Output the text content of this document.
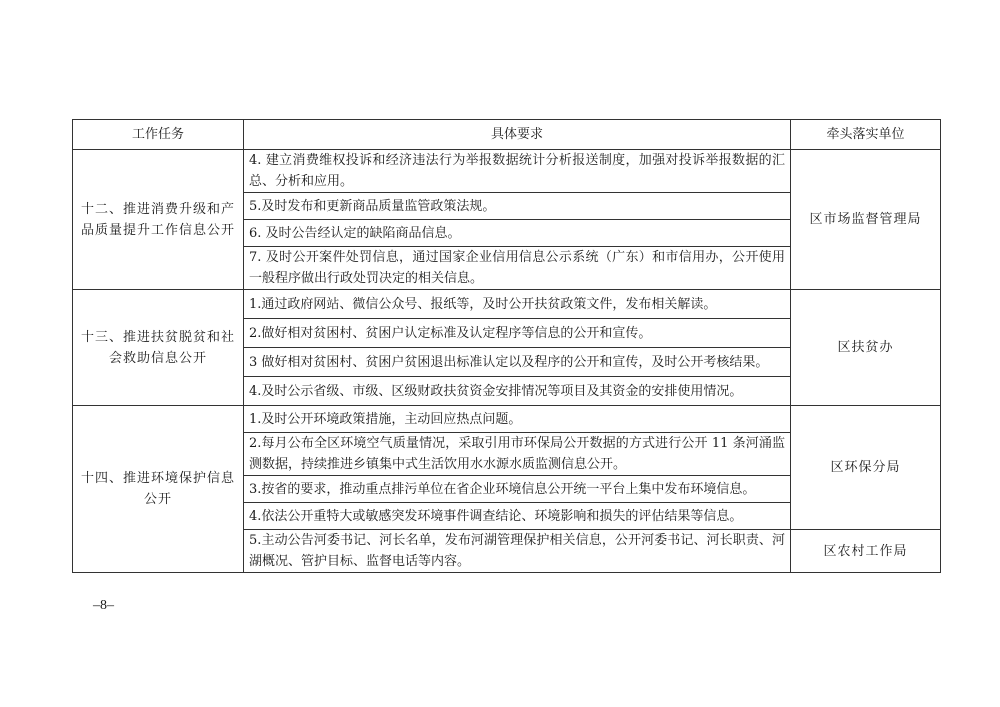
工作任务	具体要求	牵头落实单位
十二、推进消费升级和产品质量提升工作信息公开	4. 建立消费维权投诉和经济违法行为举报数据统计分析报送制度，加强对投诉举报数据的汇总、分析和应用。	区市场监督管理局
	5.及时发布和更新商品质量监管政策法规。	
	6. 及时公告经认定的缺陷商品信息。	
	7. 及时公开案件处罚信息，通过国家企业信用信息公示系统（广东）和市信用办，公开使用一般程序做出行政处罚决定的相关信息。	
十三、推进扶贫脱贫和社会救助信息公开	1.通过政府网站、微信公众号、报纸等，及时公开扶贫政策文件，发布相关解读。	区扶贫办
	2.做好相对贫困村、贫困户认定标准及认定程序等信息的公开和宣传。	
	3 做好相对贫困村、贫困户贫困退出标准认定以及程序的公开和宣传，及时公开考核结果。	
	4.及时公示省级、市级、区级财政扶贫资金安排情况等项目及其资金的安排使用情况。	
十四、推进环境保护信息公开	1.及时公开环境政策措施，主动回应热点问题。	区环保分局
	2.每月公布全区环境空气质量情况，采取引用市环保局公开数据的方式进行公开 11 条河涌监测数据，持续推进乡镇集中式生活饮用水水源水质监测信息公开。	
	3.按省的要求，推动重点排污单位在省企业环境信息公开统一平台上集中发布环境信息。	
	4.依法公开重特大或敏感突发环境事件调查结论、环境影响和损失的评估结果等信息。	
	5.主动公告河委书记、河长名单，发布河湖管理保护相关信息，公开河委书记、河长职责、河湖概况、管护目标、监督电话等内容。	区农村工作局
–8–
